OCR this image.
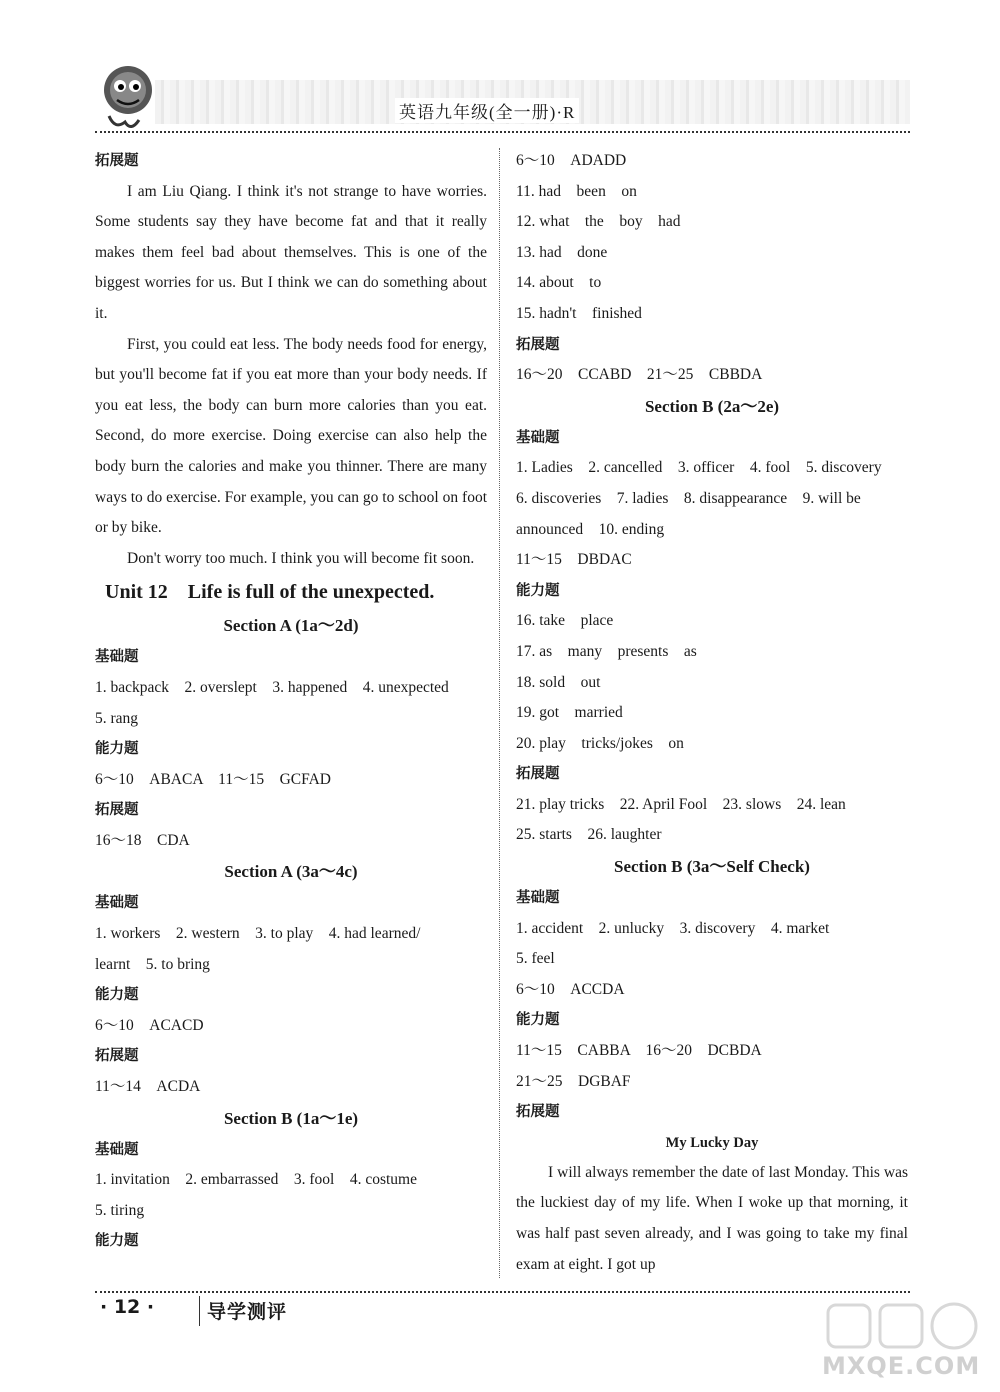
英语九年级(全一册)·R
拓展题

I am Liu Qiang. I think it's not strange to have worries. Some students say they have become fat and that it really makes them feel bad about themselves. This is one of the biggest worries for us. But I think we can do something about it.

First, you could eat less. The body needs food for energy, but you'll become fat if you eat more than your body needs. If you eat less, the body can burn more calories than you eat. Second, do more exercise. Doing exercise can also help the body burn the calories and make you thinner. There are many ways to do exercise. For example, you can go to school on foot or by bike.

Don't worry too much. I think you will become fit soon.

Unit 12　Life is full of the unexpected.
Section A (1a～2d)
基础题
1. backpack　2. overslept　3. happened　4. unexpected
5. rang
能力题
6～10　ABACA　11～15　GCFAD
拓展题
16～18　CDA
Section A (3a～4c)
基础题
1. workers　2. western　3. to play　4. had learned/
learnt　5. to bring
能力题
6～10　ACACD
拓展题
11～14　ACDA
Section B (1a～1e)
基础题
1. invitation　2. embarrassed　3. fool　4. costume
5. tiring
能力题
6～10　ADADD
11. had　been　on
12. what　the　boy　had
13. had　done
14. about　to
15. hadn't　finished
拓展题
16～20　CCABD　21～25　CBBDA
Section B (2a～2e)
基础题
1. Ladies　2. cancelled　3. officer　4. fool　5. discovery
6. discoveries　7. ladies　8. disappearance　9. will be
announced　10. ending
11～15　DBDAC
能力题
16. take　place
17. as　many　presents　as
18. sold　out
19. got　married
20. play　tricks/jokes　on
拓展题
21. play tricks　22. April Fool　23. slows　24. lean
25. starts　26. laughter
Section B (3a～Self Check)
基础题
1. accident　2. unlucky　3. discovery　4. market
5. feel
6～10　ACCDA
能力题
11～15　CABBA　16～20　DCBDA
21～25　DGBAF
拓展题
My Lucky Day

I will always remember the date of last Monday. This was the luckiest day of my life. When I woke up that morning, it was half past seven already, and I was going to take my final exam at eight. I got up

· 12 ·	导学测评
MXQE.COM
